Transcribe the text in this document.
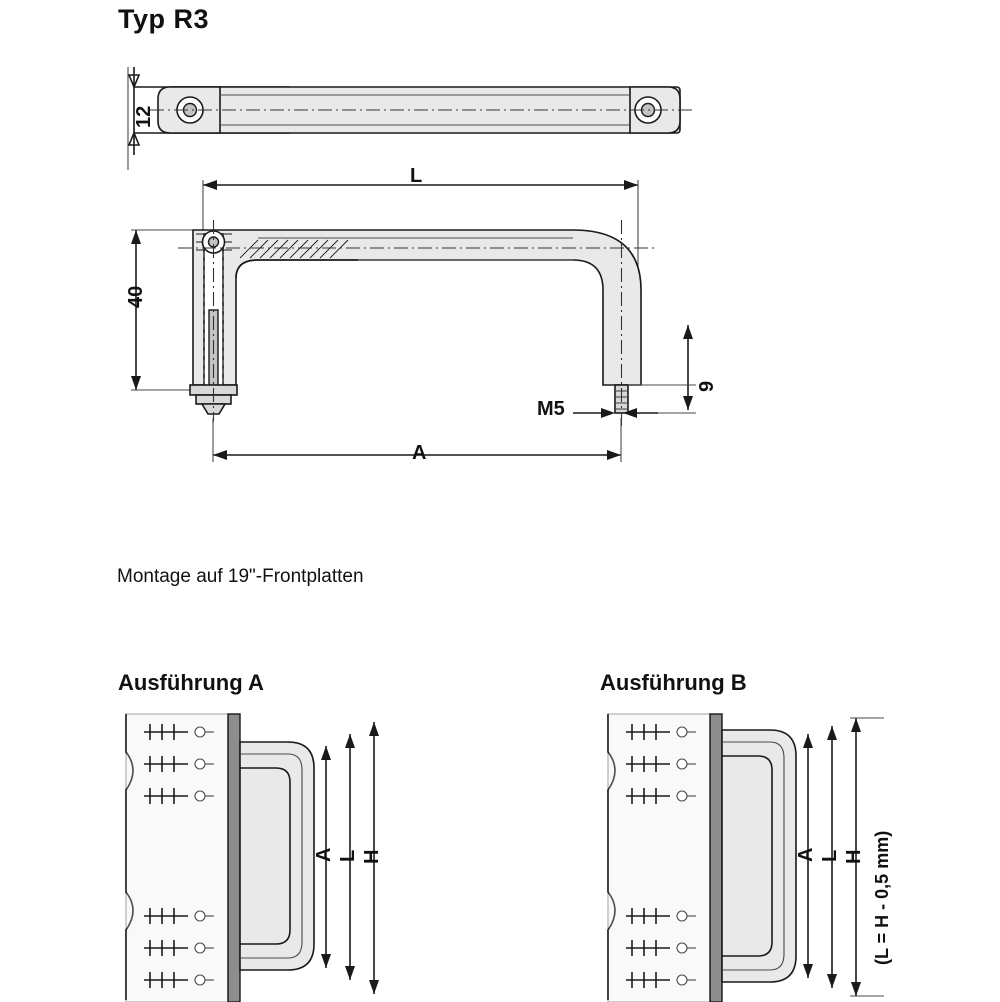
Typ R3
12
L
A
40
9
M5
Montage auf 19"-Frontplatten
Ausführung A
A L H
Ausführung B
A L H (L = H - 0,5 mm)
